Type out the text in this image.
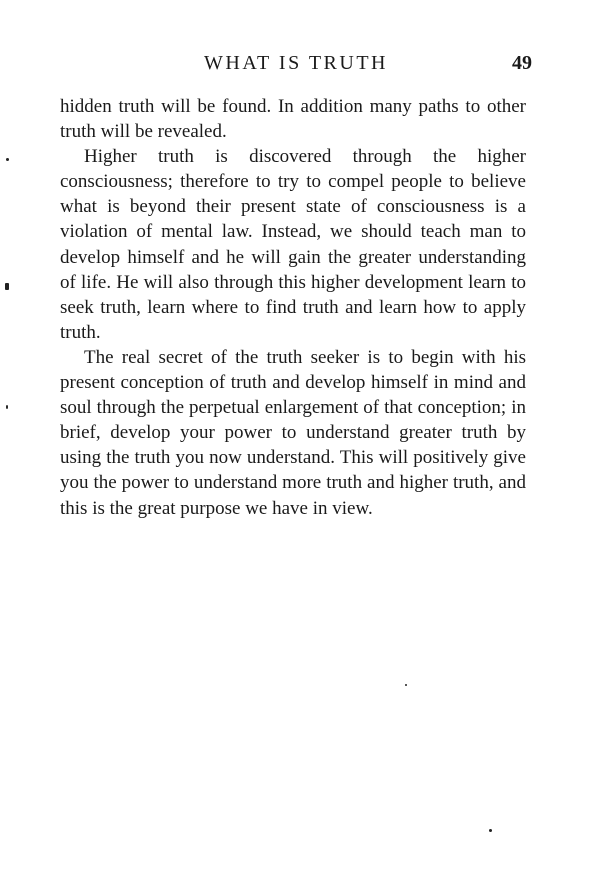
WHAT IS TRUTH	49

hidden truth will be found. In addition many paths to other truth will be revealed.

Higher truth is discovered through the higher consciousness; therefore to try to compel people to believe what is beyond their present state of consciousness is a violation of mental law. Instead, we should teach man to develop himself and he will gain the greater understanding of life. He will also through this higher development learn to seek truth, learn where to find truth and learn how to apply truth.

The real secret of the truth seeker is to begin with his present conception of truth and develop himself in mind and soul through the perpetual enlargement of that conception; in brief, develop your power to understand greater truth by using the truth you now understand. This will positively give you the power to understand more truth and higher truth, and this is the great purpose we have in view.
